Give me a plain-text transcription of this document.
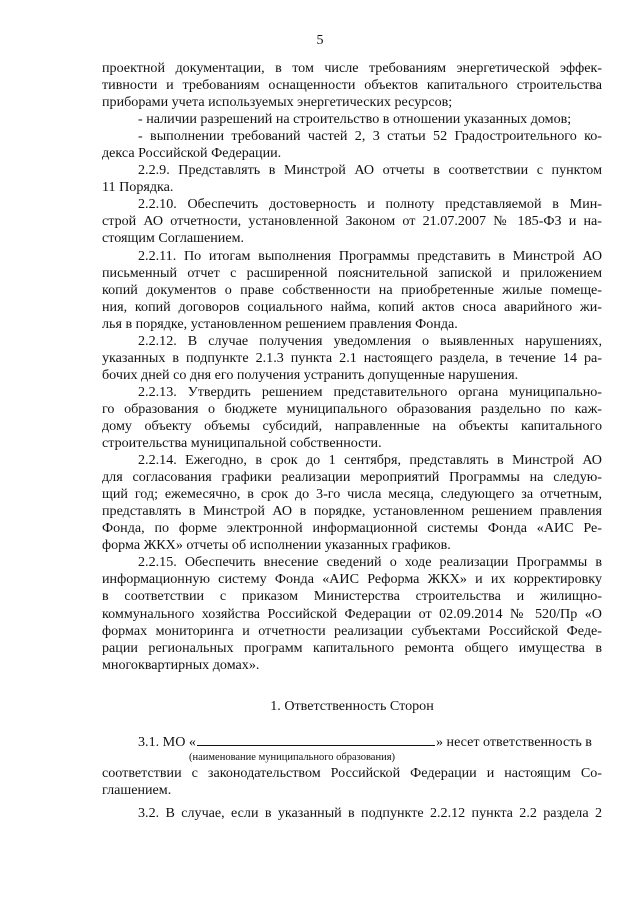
5
проектной документации, в том числе требованиям энергетической эффек-
тивности и требованиям оснащенности объектов капитального строительства
приборами учета используемых энергетических ресурсов;
- наличии разрешений на строительство в отношении указанных домов;
- выполнении требований частей 2, 3 статьи 52 Градостроительного ко-
декса Российской Федерации.
2.2.9. Представлять в Минстрой АО отчеты в соответствии с пунктом
11 Порядка.
2.2.10. Обеспечить достоверность и полноту представляемой в Мин-
строй АО отчетности, установленной Законом от 21.07.2007 № 185-ФЗ и на-
стоящим Соглашением.
2.2.11. По итогам выполнения Программы представить в Минстрой АО
письменный отчет с расширенной пояснительной запиской и приложением
копий документов о праве собственности на приобретенные жилые помеще-
ния, копий договоров социального найма, копий актов сноса аварийного жи-
лья в порядке, установленном решением правления Фонда.
2.2.12. В случае получения уведомления о выявленных нарушениях,
указанных в подпункте 2.1.3 пункта 2.1 настоящего раздела, в течение 14 ра-
бочих дней со дня его получения устранить допущенные нарушения.
2.2.13. Утвердить решением представительного органа муниципально-
го образования о бюджете муниципального образования раздельно по каж-
дому объекту объемы субсидий, направленные на объекты капитального
строительства муниципальной собственности.
2.2.14. Ежегодно, в срок до 1 сентября, представлять в Минстрой АО
для согласования графики реализации мероприятий Программы на следую-
щий год; ежемесячно, в срок до 3-го числа месяца, следующего за отчетным,
представлять в Минстрой АО в порядке, установленном решением правления
Фонда, по форме электронной информационной системы Фонда «АИС Ре-
форма ЖКХ» отчеты об исполнении указанных графиков.
2.2.15. Обеспечить внесение сведений о ходе реализации Программы в
информационную систему Фонда «АИС Реформа ЖКХ» и их корректировку
в соответствии с приказом Министерства строительства и жилищно-
коммунального хозяйства Российской Федерации от 02.09.2014 № 520/Пр «О
формах мониторинга и отчетности реализации субъектами Российской Феде-
рации региональных программ капитального ремонта общего имущества в
многоквартирных домах».
1. Ответственность Сторон
3.1. МО «	» несет ответственность в
(наименование муниципального образования)
соответствии с законодательством Российской Федерации и настоящим Со-
глашением.
3.2. В случае, если в указанный в подпункте 2.2.12 пункта 2.2 раздела 2
